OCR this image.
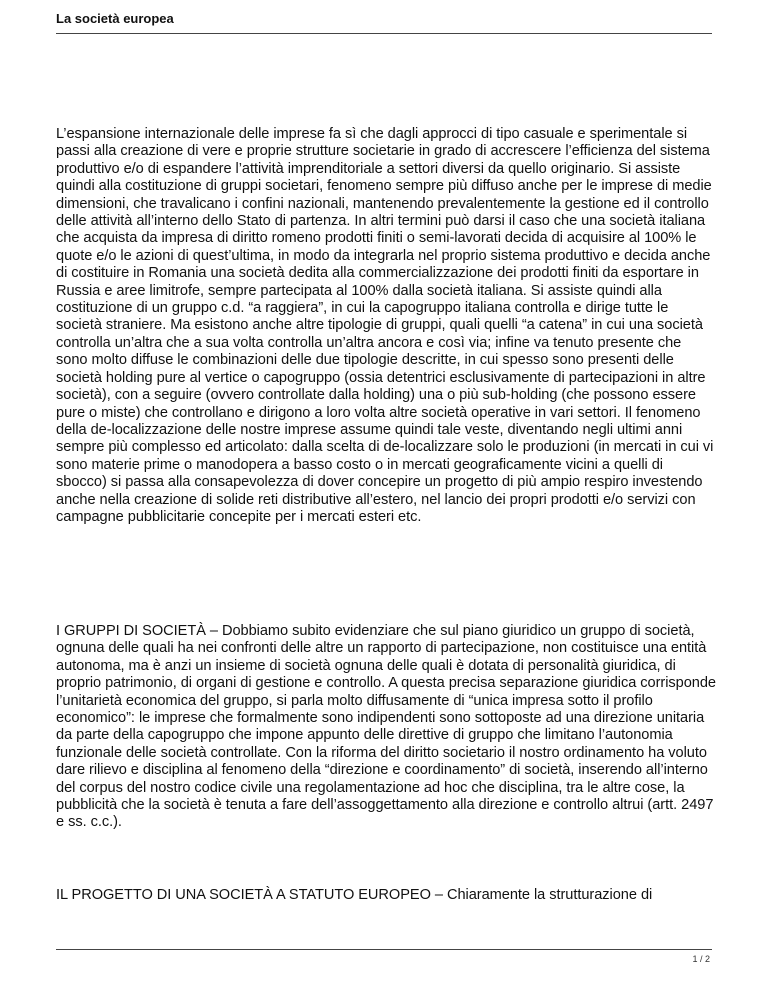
La società europea

L’espansione internazionale delle imprese fa sì che dagli approcci di tipo casuale e sperimentale si passi alla creazione di vere e proprie strutture societarie in grado di accrescere l’efficienza del sistema produttivo e/o di espandere l’attività imprenditoriale a settori diversi da quello originario. Si assiste quindi alla costituzione di gruppi societari, fenomeno sempre più diffuso anche per le imprese di medie dimensioni, che travalicano i confini nazionali, mantenendo prevalentemente la gestione ed il controllo delle attività all’interno dello Stato di partenza. In altri termini può darsi il caso che una società italiana che acquista da impresa di diritto romeno prodotti finiti o semi-lavorati decida di acquisire al 100% le quote e/o le azioni di quest’ultima, in modo da integrarla nel proprio sistema produttivo e decida anche di costituire in Romania una società dedita alla commercializzazione dei prodotti finiti da esportare in Russia e aree limitrofe, sempre partecipata al 100% dalla società italiana. Si assiste quindi alla costituzione di un gruppo c.d. “a raggiera”, in cui la capogruppo italiana controlla e dirige tutte le società straniere. Ma esistono anche altre tipologie di gruppi, quali quelli “a catena” in cui una società controlla un’altra che a sua volta controlla un’altra ancora e così via; infine va tenuto presente che sono molto diffuse le combinazioni delle due tipologie descritte, in cui spesso sono presenti delle società holding pure al vertice o capogruppo (ossia detentrici esclusivamente di partecipazioni in altre società), con a seguire (ovvero controllate dalla holding) una o più sub-holding (che possono essere pure o miste) che controllano e dirigono a loro volta altre società operative in vari settori. Il fenomeno della de-localizzazione delle nostre imprese assume quindi tale veste, diventando negli ultimi anni sempre più complesso ed articolato: dalla scelta di de-localizzare solo le produzioni (in mercati in cui vi sono materie prime o manodopera a basso costo o in mercati geograficamente vicini a quelli di sbocco) si passa alla consapevolezza di dover concepire un progetto di più ampio respiro investendo anche nella creazione di solide reti distributive all’estero, nel lancio dei propri prodotti e/o servizi con campagne pubblicitarie concepite per i mercati esteri etc.

I GRUPPI DI SOCIETÀ – Dobbiamo subito evidenziare che sul piano giuridico un gruppo di società, ognuna delle quali ha nei confronti delle altre un rapporto di partecipazione, non costituisce una entità autonoma, ma è anzi un insieme di società ognuna delle quali è dotata di personalità giuridica, di proprio patrimonio, di organi di gestione e controllo. A questa precisa separazione giuridica corrisponde l’unitarietà economica del gruppo, si parla molto diffusamente di “unica impresa sotto il profilo economico”: le imprese che formalmente sono indipendenti sono sottoposte ad una direzione unitaria da parte della capogruppo che impone appunto delle direttive di gruppo che limitano l’autonomia funzionale delle società controllate. Con la riforma del diritto societario il nostro ordinamento ha voluto dare rilievo e disciplina al fenomeno della “direzione e coordinamento” di società, inserendo all’interno del corpus del nostro codice civile una regolamentazione ad hoc che disciplina, tra le altre cose, la pubblicità che la società è tenuta a fare dell’assoggettamento alla direzione e controllo altrui (artt. 2497 e ss. c.c.).

IL PROGETTO DI UNA SOCIETÀ A STATUTO EUROPEO – Chiaramente la strutturazione di

1 / 2
